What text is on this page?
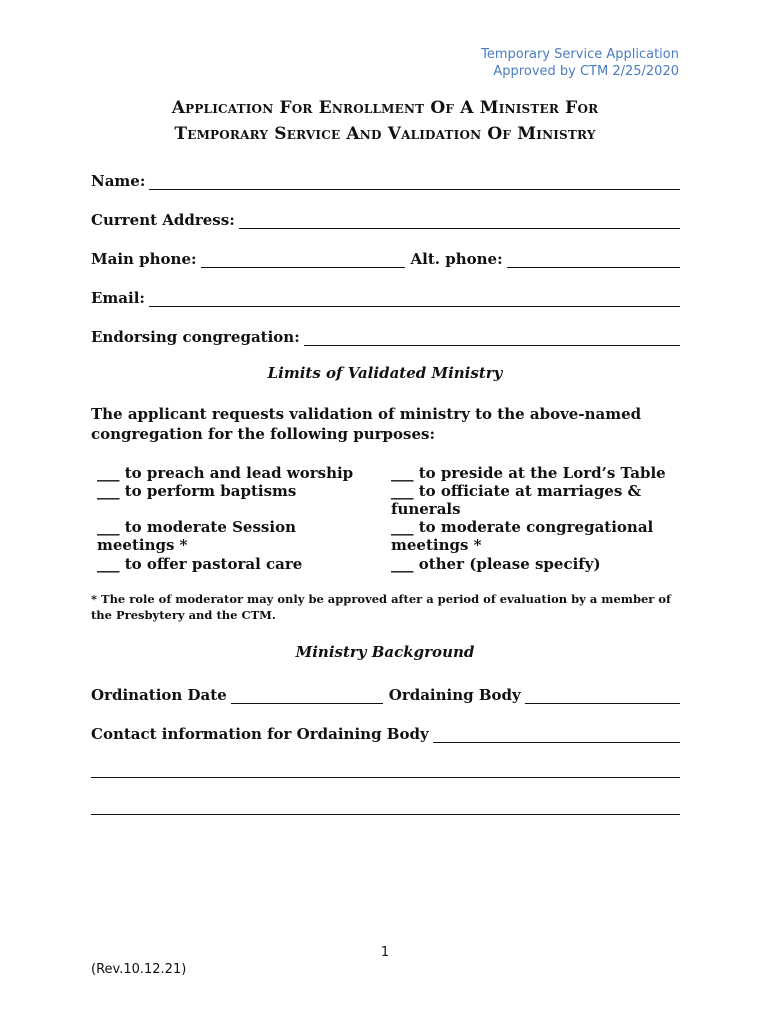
Temporary Service Application
Approved by CTM 2/25/2020
Application For Enrollment Of A Minister For
Temporary Service And Validation Of Ministry
Name:
Current Address:
Main phone:	Alt. phone:
Email:
Endorsing congregation:
Limits of Validated Ministry
The applicant requests validation of ministry to the above-named congregation for the following purposes:
___ to preach and lead worship
___ to perform baptisms
___ to moderate Session meetings *
___ to offer pastoral care
___ to preside at the Lord’s Table
___ to officiate at marriages & funerals
___ to moderate congregational meetings *
___ other (please specify)
* The role of moderator may only be approved after a period of evaluation by a member of the Presbytery and the CTM.
Ministry Background
Ordination Date	Ordaining Body
Contact information for Ordaining Body
1
(Rev.10.12.21)
